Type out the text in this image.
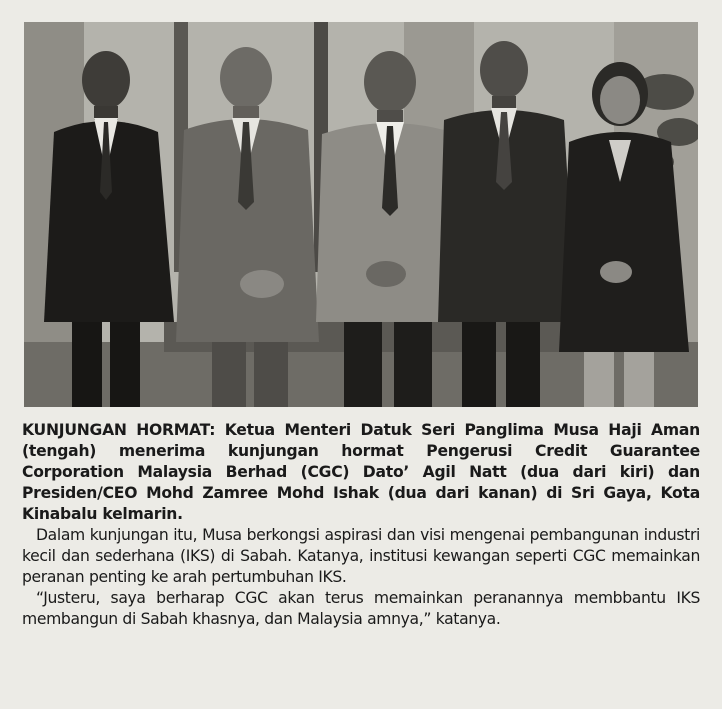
KUNJUNGAN HORMAT: Ketua Menteri Datuk Seri Panglima Musa Haji Aman (tengah) menerima kunjungan hormat Pengerusi Credit Guarantee Corporation Malaysia Berhad (CGC) Dato’ Agil Natt (dua dari kiri) dan Presiden/CEO Mohd Zamree Mohd Ishak (dua dari kanan) di Sri Gaya, Kota Kinabalu kelmarin.

Dalam kunjungan itu, Musa berkongsi aspirasi dan visi mengenai pembangunan industri kecil dan sederhana (IKS) di Sabah. Katanya, institusi kewangan seperti CGC memainkan peranan penting ke arah pertumbuhan IKS.

“Justeru, saya berharap CGC akan terus memainkan peranannya membbantu IKS membangun di Sabah khasnya, dan Malaysia amnya,” katanya.
